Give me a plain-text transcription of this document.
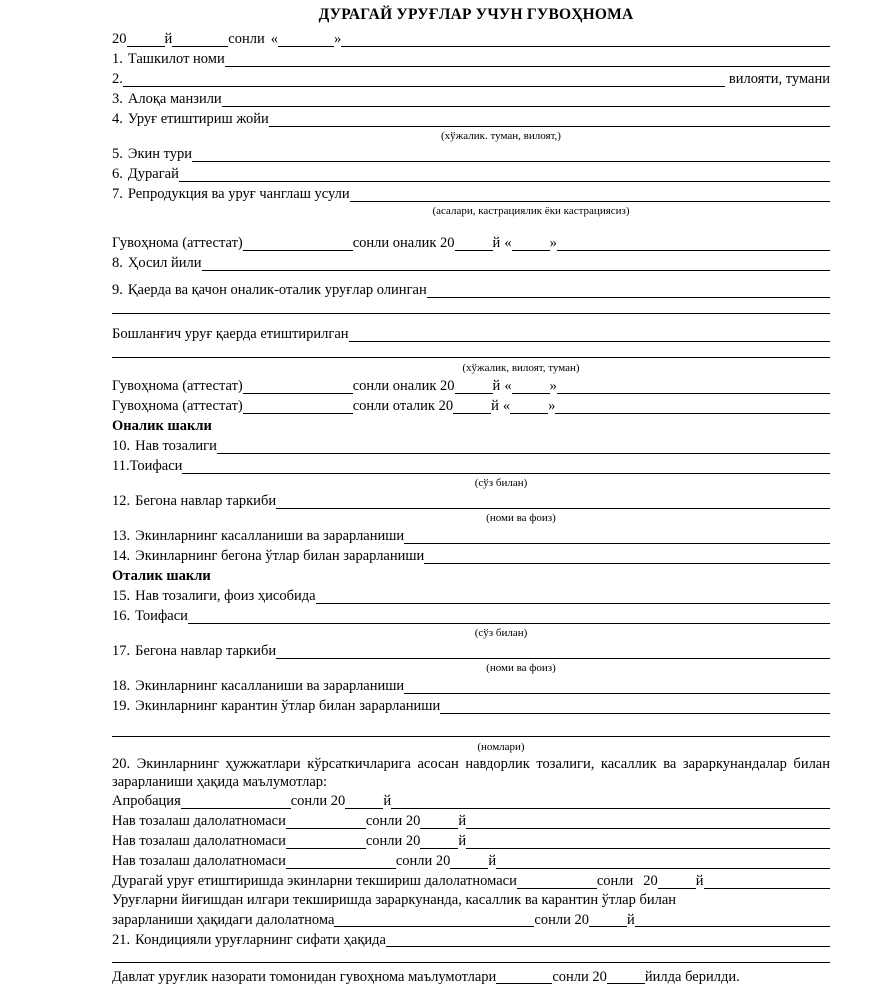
ДУРАГАЙ УРУҒЛАР УЧУН ГУВОҲНОМА
20	й	сонли «	»
1. Ташкилот номи
2.	вилояти, тумани
3. Алоқа манзили
4. Уруғ етиштириш жойи
(хўжалик. туман, вилоят,)
5. Экин тури
6. Дурагай
7. Репродукция ва уруғ чанглаш усули
(асалари, кастрациялик ёки кастрациясиз)
Гувоҳнома (аттестат)	сонли оналик 20	й «	»
8. Ҳосил йили
9. Қаерда ва қачон оналик-оталик уруғлар олинган
Бошланғич уруғ қаерда етиштирилган
(хўжалик, вилоят, туман)
Гувоҳнома (аттестат)	сонли оналик 20	й «	»
Гувоҳнома (аттестат)	сонли оталик 20	й «	»
Оналик шакли
10. Нав тозалиги
11. Тоифаси
(сўз билан)
12. Бегона навлар таркиби
(номи ва фоиз)
13. Экинларнинг касалланиши ва зарарланиши
14. Экинларнинг бегона ўтлар билан зарарланиши
Оталик шакли
15. Нав тозалиги, фоиз ҳисобида
16. Тоифаси
(сўз билан)
17. Бегона навлар таркиби
(номи ва фоиз)
18. Экинларнинг касалланиши ва зарарланиши
19. Экинларнинг карантин ўтлар билан зарарланиши
(номлари)
20. Экинларнинг ҳужжатлари кўрсаткичларига асосан навдорлик тозалиги, касаллик ва зараркунандалар билан зарарланиши ҳақида маълумотлар:
Апробация	сонли 20	й
Нав тозалаш далолатномаси	сонли 20	й
Нав тозалаш далолатномаси	сонли 20	й
Нав тозалаш далолатномаси	сонли 20	й
Дурагай уруғ етиштиришда экинларни текшириш далолатномаси	сонли 20	й
Уруғларни йиғишдан илгари текширишда зараркунанда, касаллик ва карантин ўтлар билан
зарарланиши ҳақидаги далолатнома	сонли 20	й
21. Кондицияли уруғларнинг сифати ҳақида
Давлат уруғлик назорати томонидан гувоҳнома маълумотлари	сонли 20	йилда берилди.
